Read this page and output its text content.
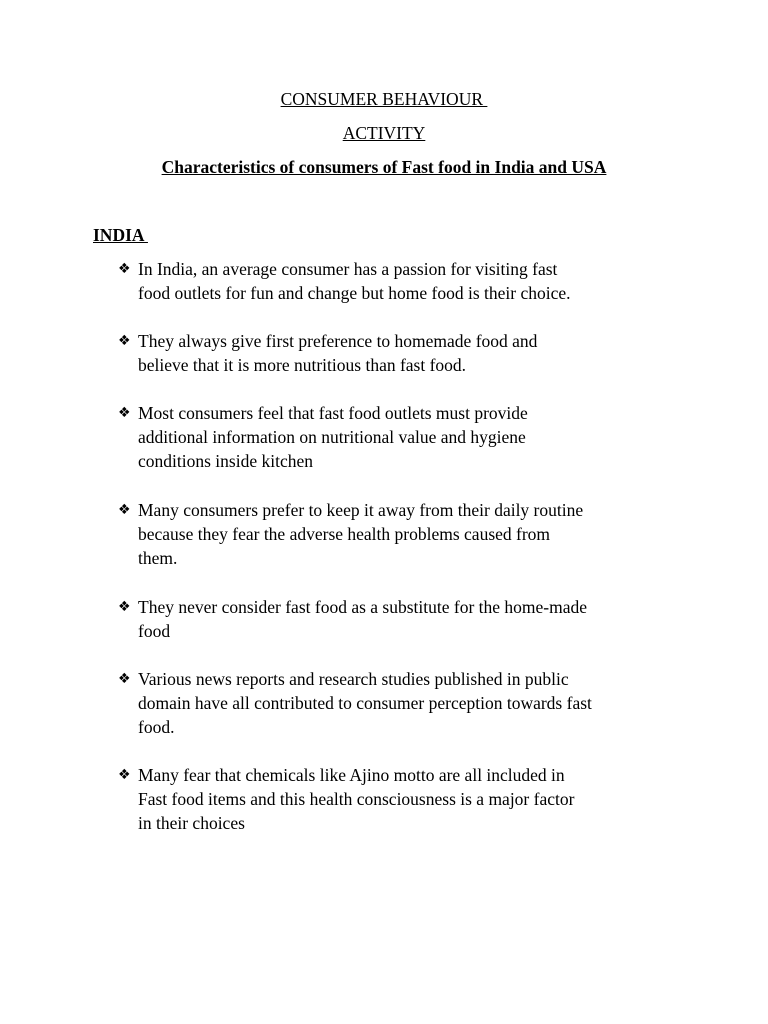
CONSUMER BEHAVIOUR
ACTIVITY
Characteristics of consumers of Fast food in India and USA
INDIA
❖ In India, an average consumer has a passion for visiting fast
food outlets for fun and change but home food is their choice.
❖ They always give first preference to homemade food and
believe that it is more nutritious than fast food.
❖ Most consumers feel that fast food outlets must provide
additional information on nutritional value and hygiene
conditions inside kitchen
❖ Many consumers prefer to keep it away from their daily routine
because they fear the adverse health problems caused from
them.
❖ They never consider fast food as a substitute for the home-made
food
❖ Various news reports and research studies published in public
domain have all contributed to consumer perception towards fast
food.
❖ Many fear that chemicals like Ajino motto are all included in
Fast food items and this health consciousness is a major factor
in their choices
